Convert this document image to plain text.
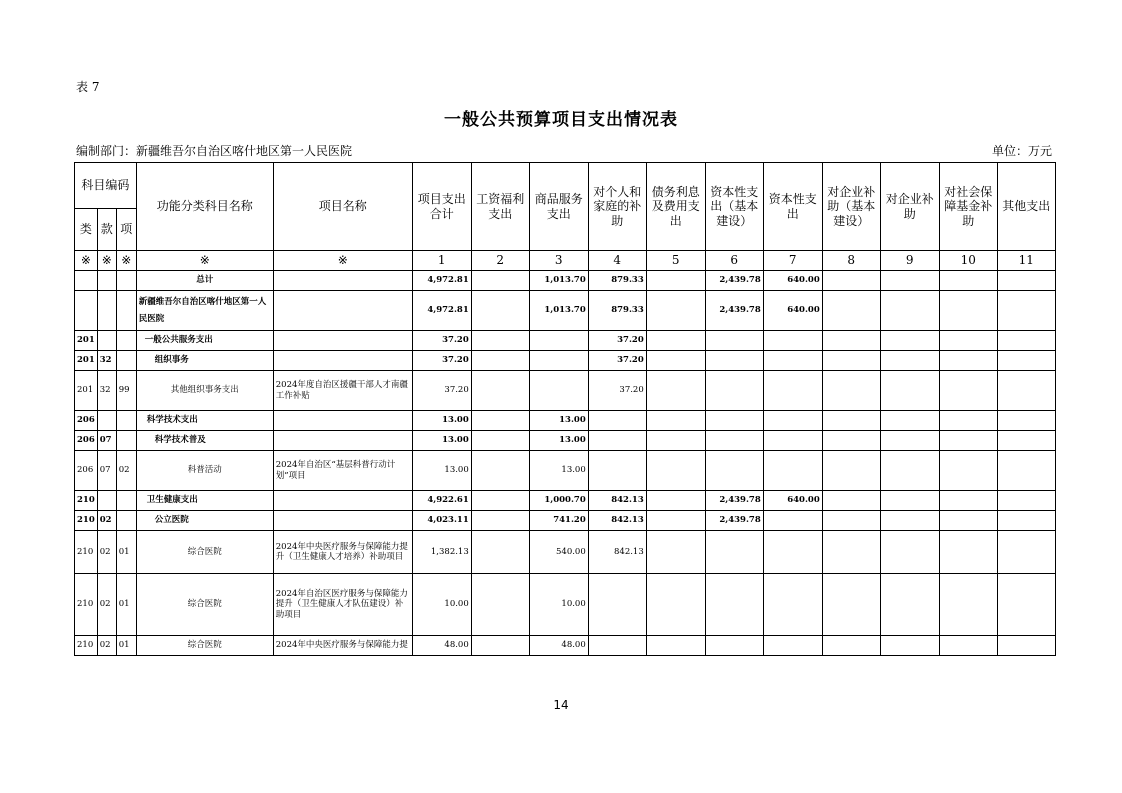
表 7
一般公共预算项目支出情况表
编制部门：新疆维吾尔自治区喀什地区第一人民医院	单位：万元
科目编码			功能分类科目名称	项目名称	项目支出合计	工资福利支出	商品服务支出	对个人和家庭的补助	债务利息及费用支出	资本性支出（基本建设）	资本性支出	对企业补助（基本建设）	对企业补助	对社会保障基金补助	其他支出
类	款	项													
※	※	※	※	※	1	2	3	4	5	6	7	8	9	10	11
			总计		4,972.81		1,013.70	879.33		2,439.78	640.00				
			新疆维吾尔自治区喀什地区第一人民医院		4,972.81		1,013.70	879.33		2,439.78	640.00				
201			一般公共服务支出		37.20			37.20							
201	32		组织事务		37.20			37.20							
201	32	99	其他组织事务支出	2024年度自治区援疆干部人才南疆工作补贴	37.20			37.20							
206			科学技术支出		13.00		13.00								
206	07		科学技术普及		13.00		13.00								
206	07	02	科普活动	2024年自治区“基层科普行动计划”项目	13.00		13.00								
210			卫生健康支出		4,922.61		1,000.70	842.13		2,439.78	640.00				
210	02		公立医院		4,023.11		741.20	842.13		2,439.78					
210	02	01	综合医院	2024年中央医疗服务与保障能力提升（卫生健康人才培养）补助项目	1,382.13		540.00	842.13							
210	02	01	综合医院	2024年自治区医疗服务与保障能力提升（卫生健康人才队伍建设）补助项目	10.00		10.00								
210	02	01	综合医院	2024年中央医疗服务与保障能力提	48.00		48.00								
14
